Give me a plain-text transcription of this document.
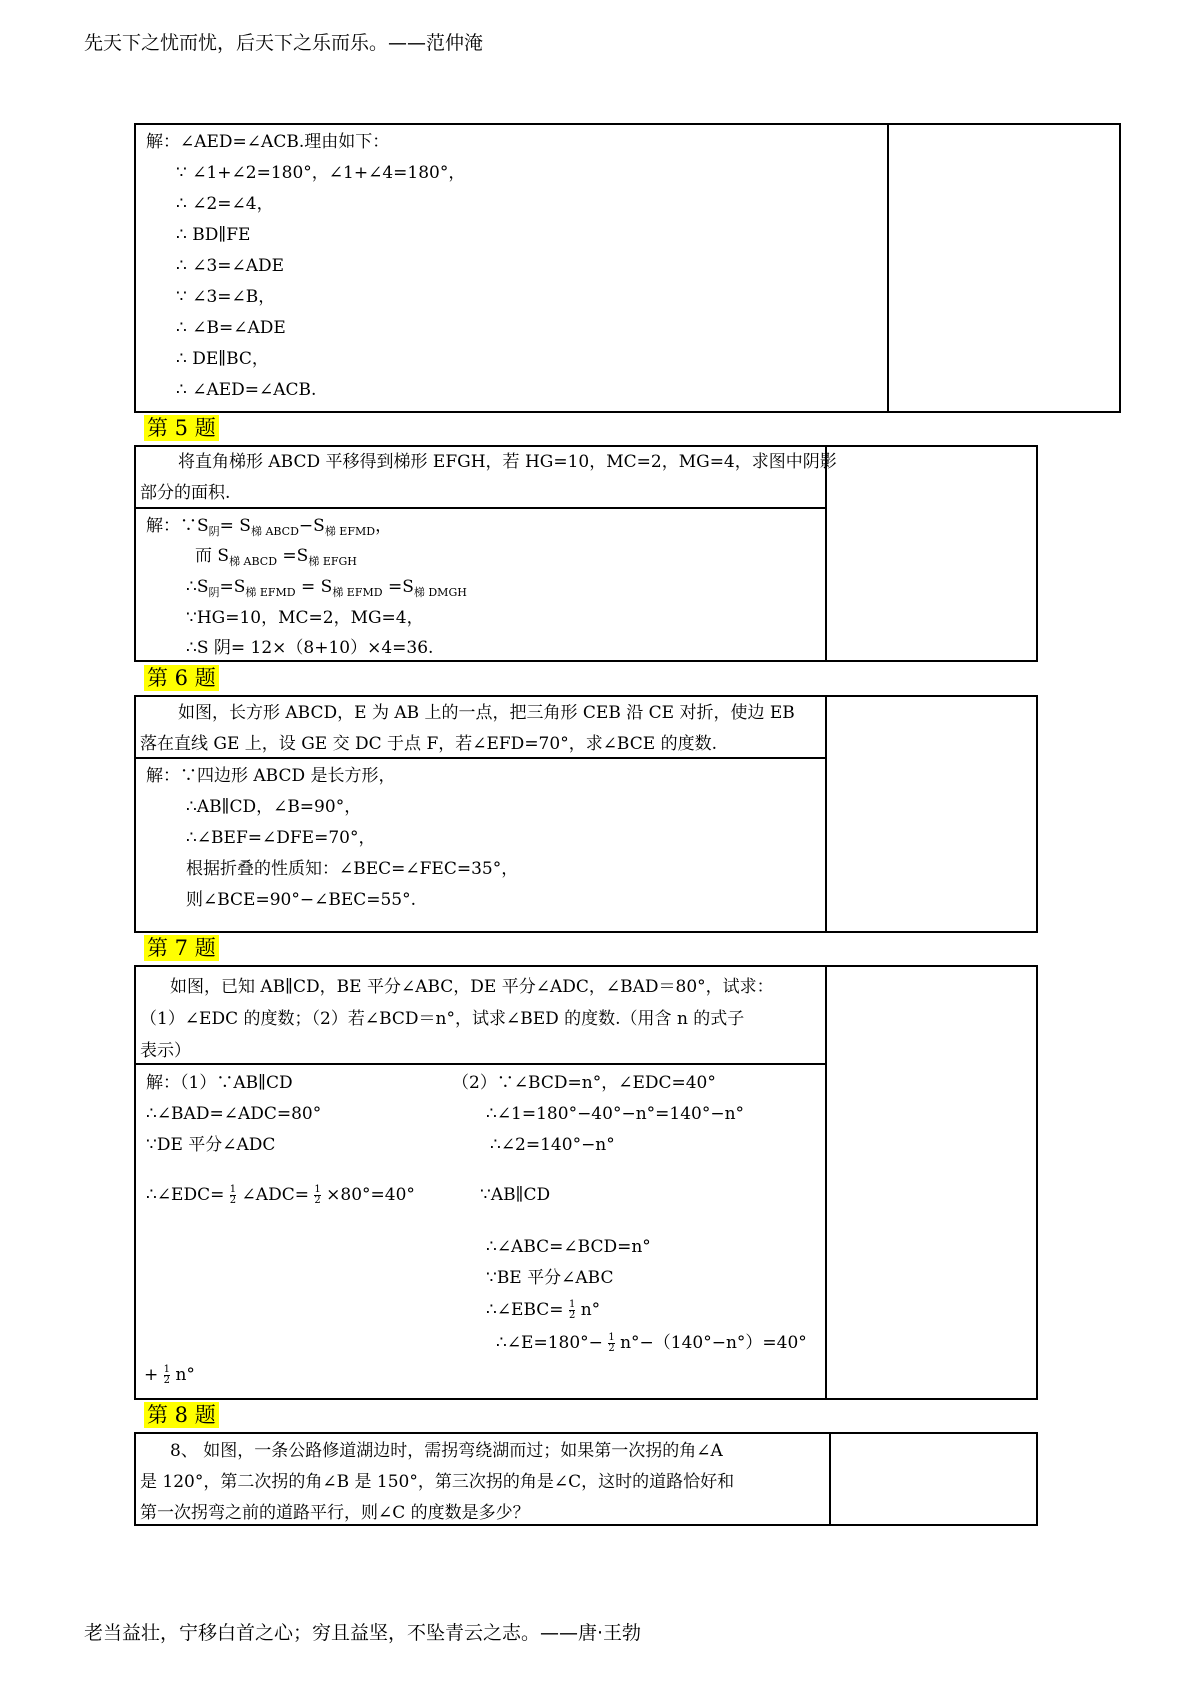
先天下之忧而忧，后天下之乐而乐。——范仲淹
解：∠AED=∠ACB.理由如下：
∵ ∠1+∠2=180°，∠1+∠4=180°，
∴ ∠2=∠4，
∴ BD∥FE
∴ ∠3=∠ADE
∵ ∠3=∠B，
∴ ∠B=∠ADE
∴ DE∥BC，
∴ ∠AED=∠ACB.
第 5 题
将直角梯形 ABCD 平移得到梯形 EFGH，若 HG=10，MC=2，MG=4，求图中阴影
部分的面积.
解：$\because S_阴= S_{梯 ABCD}-S_{梯 EFMD}$，
而 $S_{梯 ABCD} =S_{梯 EFGH}$
$\therefore S_阴=S_{梯 EFMD} = S_{梯 EFMD} =S_{梯 DMGH}$
∵HG=10，MC=2，MG=4，
∴S 阴= 12×（8+10）×4=36.
第 6 题
如图，长方形 ABCD，E 为 AB 上的一点，把三角形 CEB 沿 CE 对折，使边 EB
落在直线 GE 上，设 GE 交 DC 于点 F，若∠EFD=70°，求∠BCE 的度数.
解：∵四边形 ABCD 是长方形，
∴AB∥CD，∠B=90°，
∴∠BEF=∠DFE=70°，
根据折叠的性质知：∠BEC=∠FEC=35°，
则∠BCE=90°−∠BEC=55°.
第 7 题
如图，已知 AB∥CD，BE 平分∠ABC，DE 平分∠ADC，∠BAD＝80°，试求：
（1）∠EDC 的度数；（2）若∠BCD＝n°，试求∠BED 的度数.（用含 n 的式子
表示）
解：（1）∵AB∥CD
∴∠BAD=∠ADC=80°
∵DE 平分∠ADC
∴∠EDC= $\frac{1}{2}$ ∠ADC= $\frac{1}{2} \times 80^\circ=40^\circ$
（2）∵∠BCD=n°，∠EDC=40°
∴∠1=180°−40°−n°=140°−n°
∴∠2=140°−n°
∵AB∥CD
∴∠ABC=∠BCD=n°
∵BE 平分∠ABC
∴∠EBC= $\frac{1}{2} n^\circ$
∴∠E=180°− $\frac{1}{2} n^\circ-(140^\circ-n^\circ)=40^\circ$
+ $\frac{1}{2} n^\circ$
第 8 题
8、 如图，一条公路修道湖边时，需拐弯绕湖而过；如果第一次拐的角∠A
是 120°，第二次拐的角∠B 是 150°，第三次拐的角是∠C，这时的道路恰好和
第一次拐弯之前的道路平行，则∠C 的度数是多少？
老当益壮，宁移白首之心；穷且益坚，不坠青云之志。——唐·王勃
